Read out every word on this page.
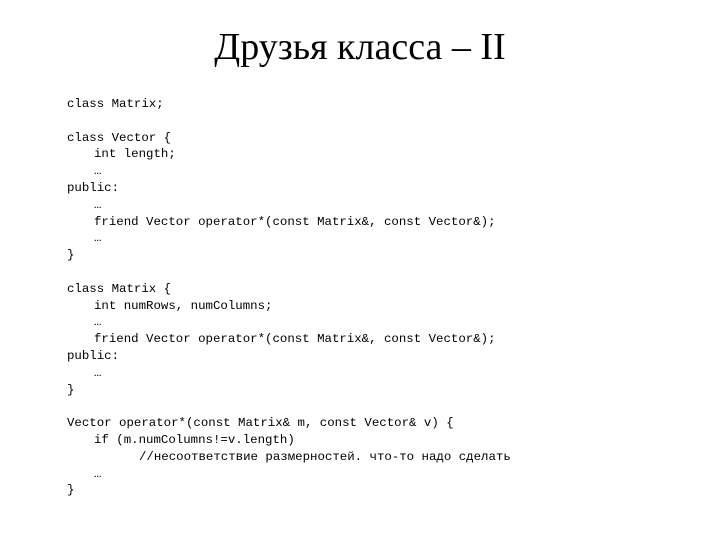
Друзья класса – II
class Matrix;
class Vector {
int length;
…
public:
…
friend Vector operator*(const Matrix&, const Vector&);
…
}
class Matrix {
int numRows, numColumns;
…
friend Vector operator*(const Matrix&, const Vector&);
public:
…
}
Vector operator*(const Matrix& m, const Vector& v) {
if (m.numColumns!=v.length)
//несоответствие размерностей. что-то надо сделать
…
}
